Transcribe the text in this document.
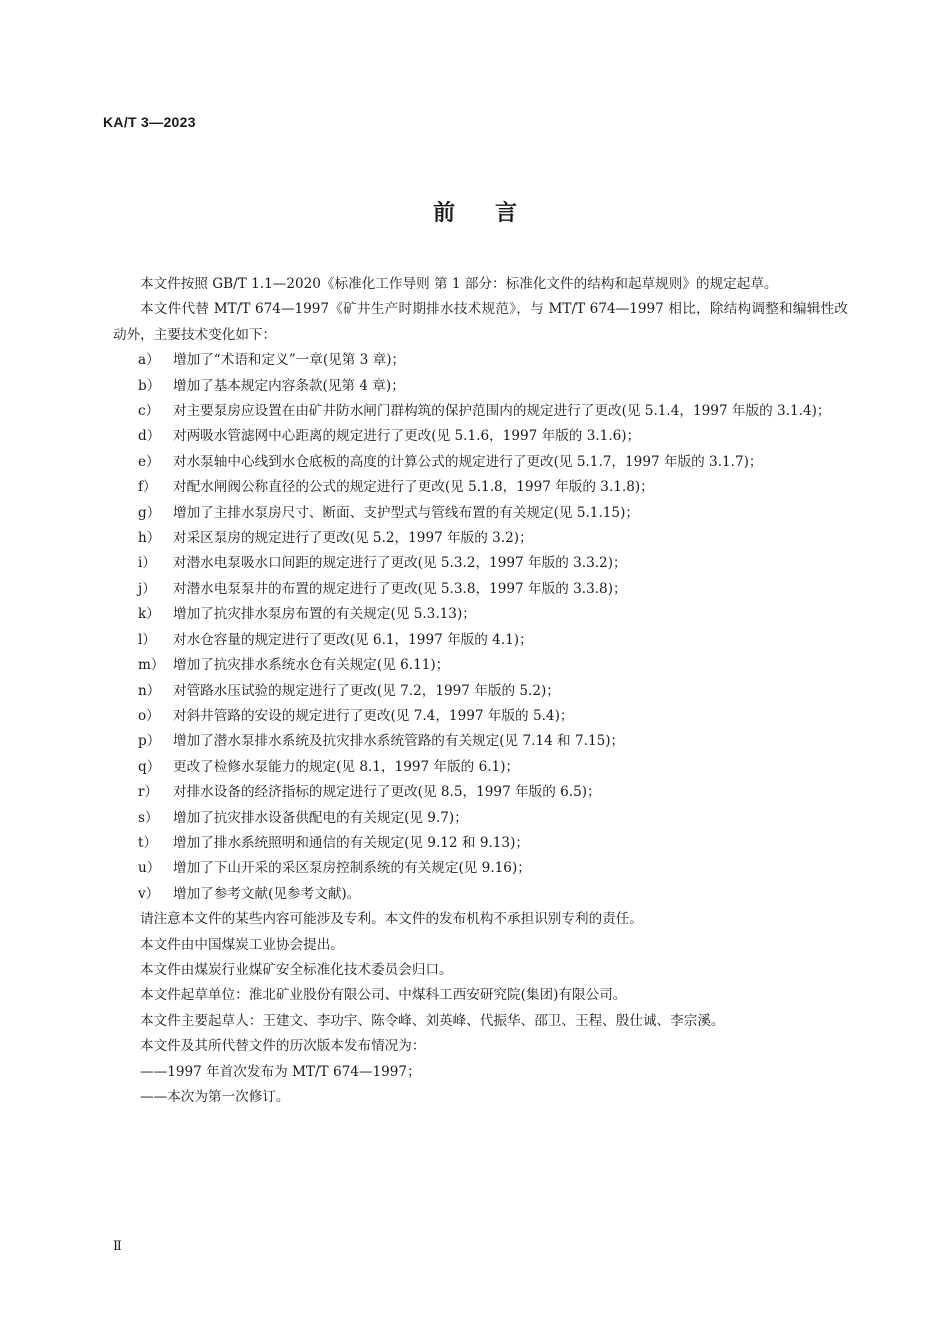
KA/T 3—2023
前言

本文件按照 GB/T 1.1—2020《标准化工作导则 第 1 部分：标准化文件的结构和起草规则》的规定起草。

本文件代替 MT/T 674—1997《矿井生产时期排水技术规范》，与 MT/T 674—1997 相比，除结构调整和编辑性改动外，主要技术变化如下：

a） 增加了“术语和定义”一章(见第 3 章)；

b） 增加了基本规定内容条款(见第 4 章)；

c） 对主要泵房应设置在由矿井防水闸门群构筑的保护范围内的规定进行了更改(见 5.1.4，1997 年版的 3.1.4)；

d） 对两吸水管滤网中心距离的规定进行了更改(见 5.1.6，1997 年版的 3.1.6)；

e） 对水泵轴中心线到水仓底板的高度的计算公式的规定进行了更改(见 5.1.7，1997 年版的 3.1.7)；

f） 对配水闸阀公称直径的公式的规定进行了更改(见 5.1.8，1997 年版的 3.1.8)；

g） 增加了主排水泵房尺寸、断面、支护型式与管线布置的有关规定(见 5.1.15)；

h） 对采区泵房的规定进行了更改(见 5.2，1997 年版的 3.2)；

i） 对潜水电泵吸水口间距的规定进行了更改(见 5.3.2，1997 年版的 3.3.2)；

j） 对潜水电泵泵井的布置的规定进行了更改(见 5.3.8，1997 年版的 3.3.8)；

k） 增加了抗灾排水泵房布置的有关规定(见 5.3.13)；

l） 对水仓容量的规定进行了更改(见 6.1，1997 年版的 4.1)；

m） 增加了抗灾排水系统水仓有关规定(见 6.11)；

n） 对管路水压试验的规定进行了更改(见 7.2，1997 年版的 5.2)；

o） 对斜井管路的安设的规定进行了更改(见 7.4，1997 年版的 5.4)；

p） 增加了潜水泵排水系统及抗灾排水系统管路的有关规定(见 7.14 和 7.15)；

q） 更改了检修水泵能力的规定(见 8.1，1997 年版的 6.1)；

r） 对排水设备的经济指标的规定进行了更改(见 8.5，1997 年版的 6.5)；

s） 增加了抗灾排水设备供配电的有关规定(见 9.7)；

t） 增加了排水系统照明和通信的有关规定(见 9.12 和 9.13)；

u） 增加了下山开采的采区泵房控制系统的有关规定(见 9.16)；

v） 增加了参考文献(见参考文献)。

请注意本文件的某些内容可能涉及专利。本文件的发布机构不承担识别专利的责任。

本文件由中国煤炭工业协会提出。

本文件由煤炭行业煤矿安全标准化技术委员会归口。

本文件起草单位：淮北矿业股份有限公司、中煤科工西安研究院(集团)有限公司。

本文件主要起草人：王建文、李功宇、陈令峰、刘英峰、代振华、邵卫、王程、殷仕诚、李宗溪。

本文件及其所代替文件的历次版本发布情况为：

——1997 年首次发布为 MT/T 674—1997；

——本次为第一次修订。

Ⅱ
